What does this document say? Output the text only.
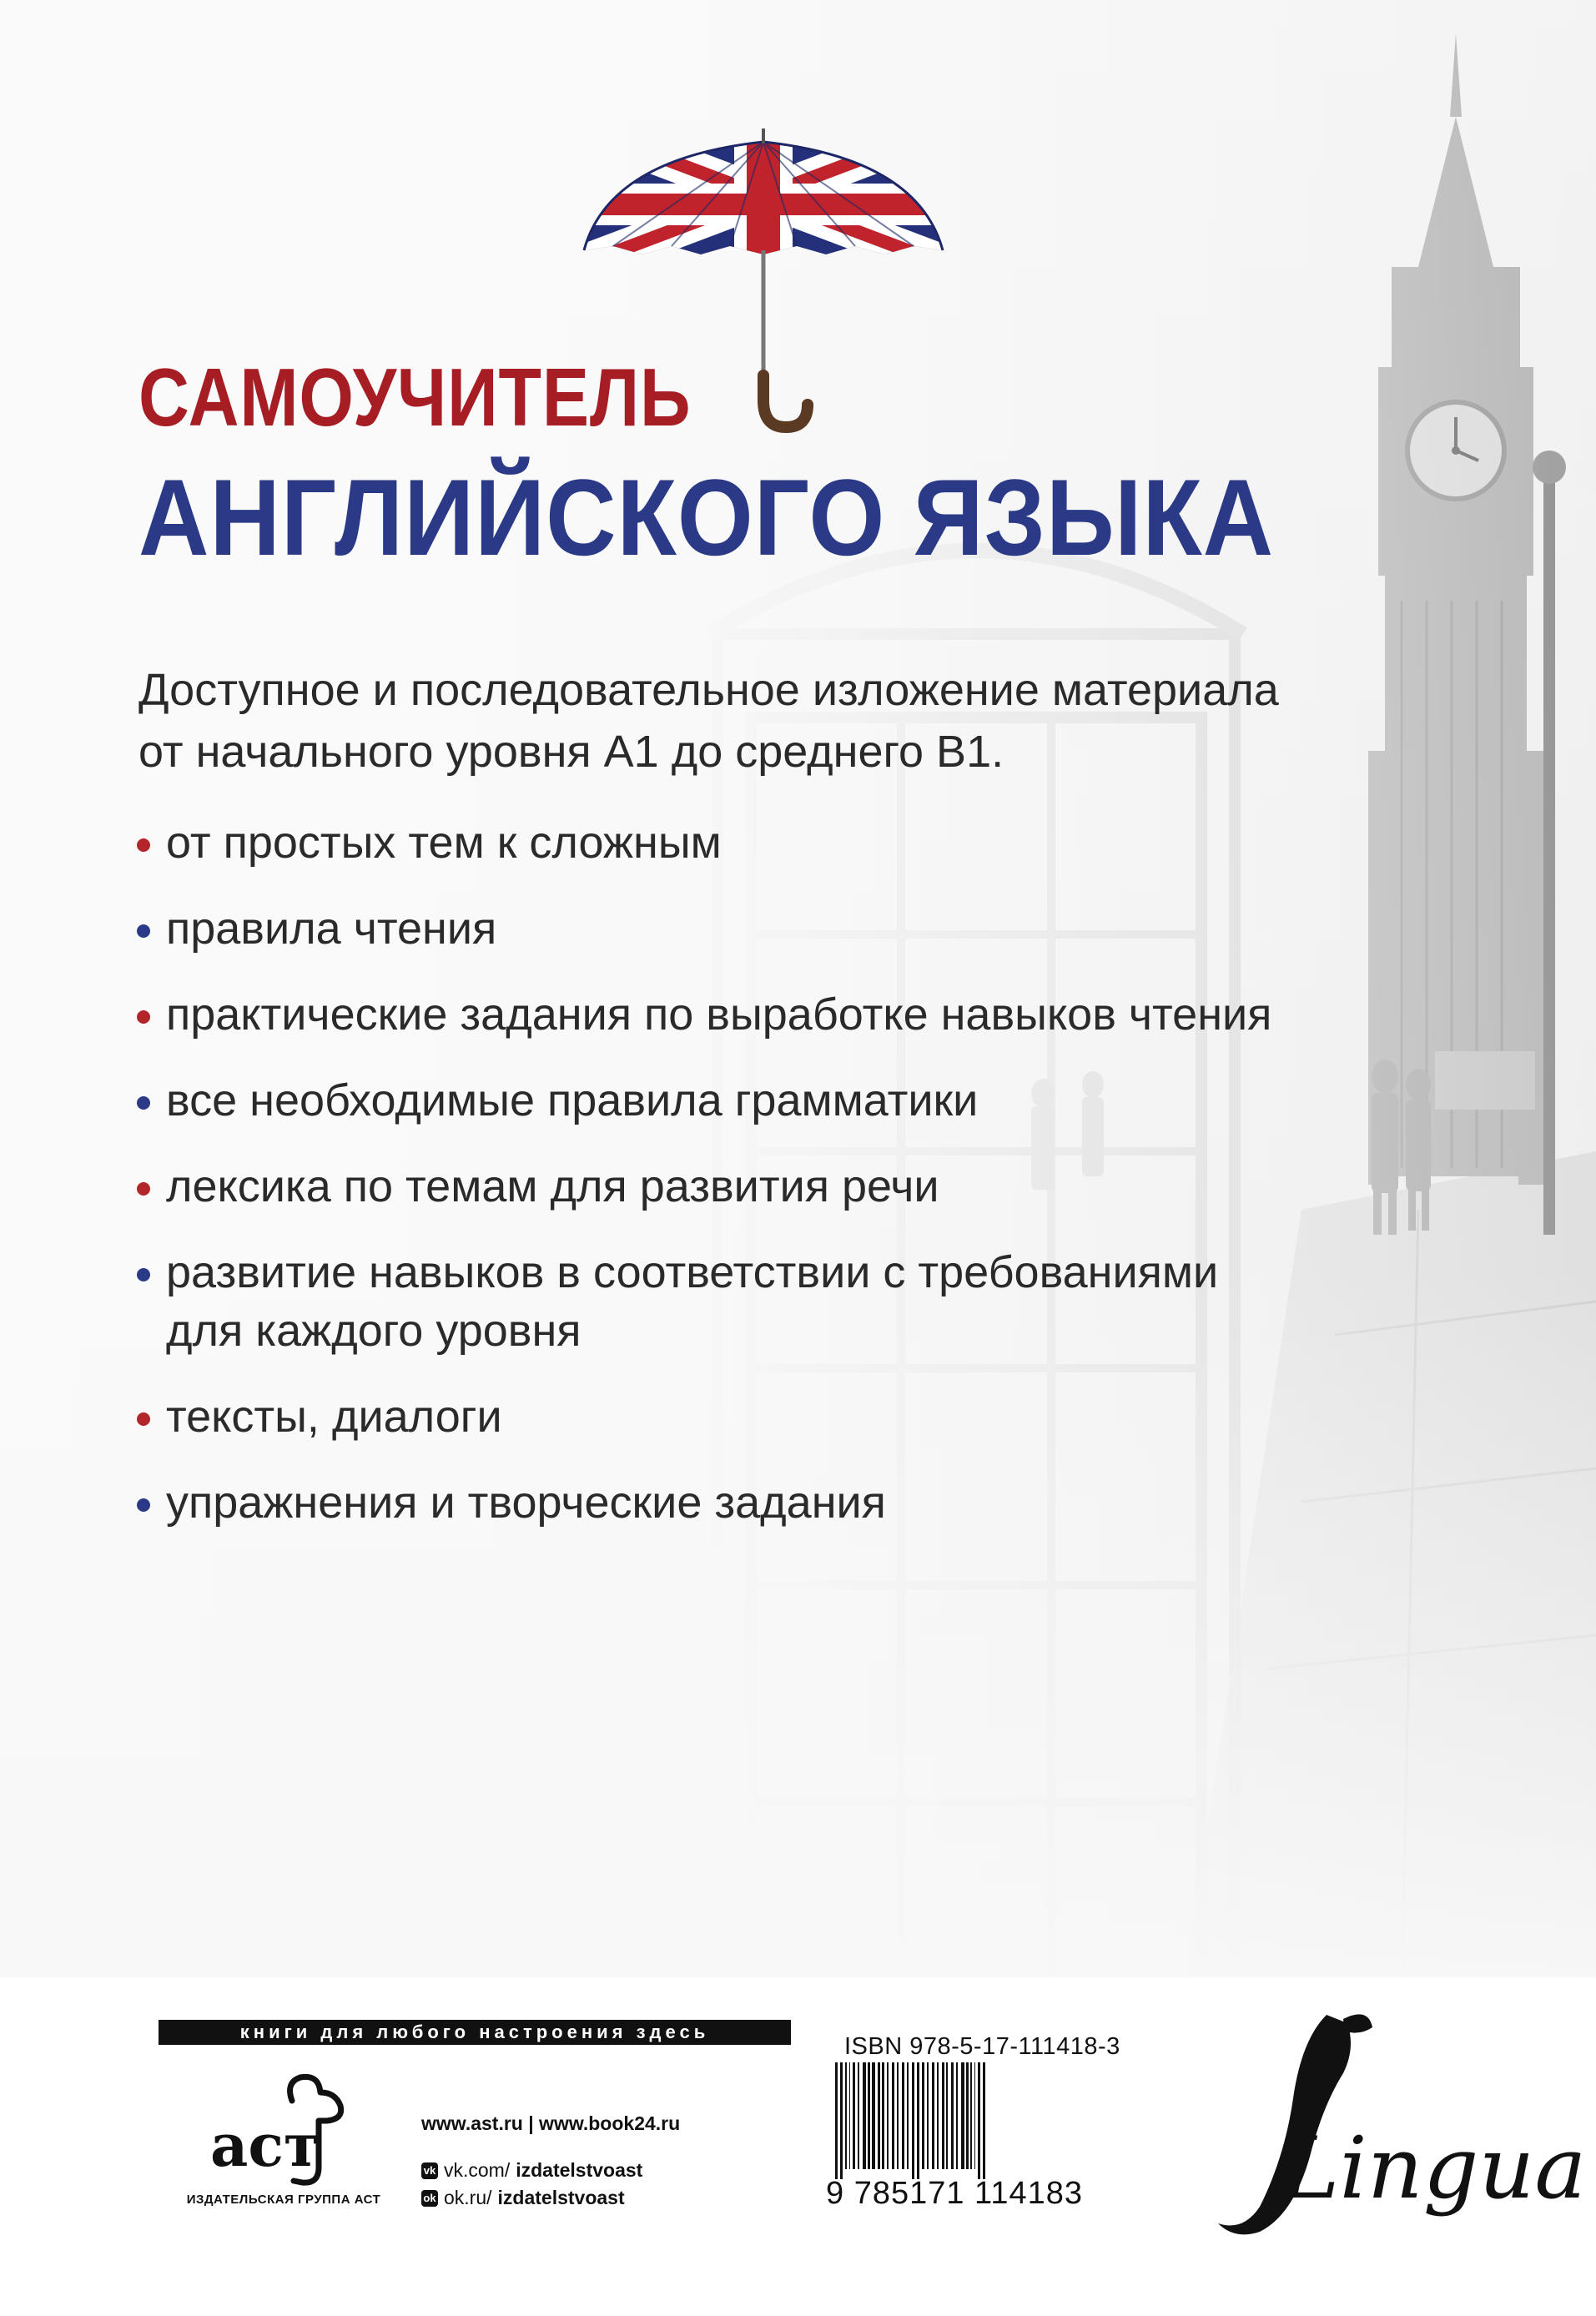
САМОУЧИТЕЛЬ
АНГЛИЙСКОГО ЯЗЫКА
Доступное и последовательное изложение материала
от начального уровня А1 до среднего В1.
от простых тем к сложным
правила чтения
практические задания по выработке навыков чтения
все необходимые правила грамматики
лексика по темам для развития речи
развитие навыков в соответствии с требованиями
для каждого уровня
тексты, диалоги
упражнения и творческие задания
книги для любого настроения здесь
аст
ИЗДАТЕЛЬСКАЯ ГРУППА АСТ
www.ast.ru | www.book24.ru
vk vk.com/ izdatelstvoast
ok ok.ru/ izdatelstvoast
ISBN 978-5-17-111418-3
9 785171 114183 Lingua
